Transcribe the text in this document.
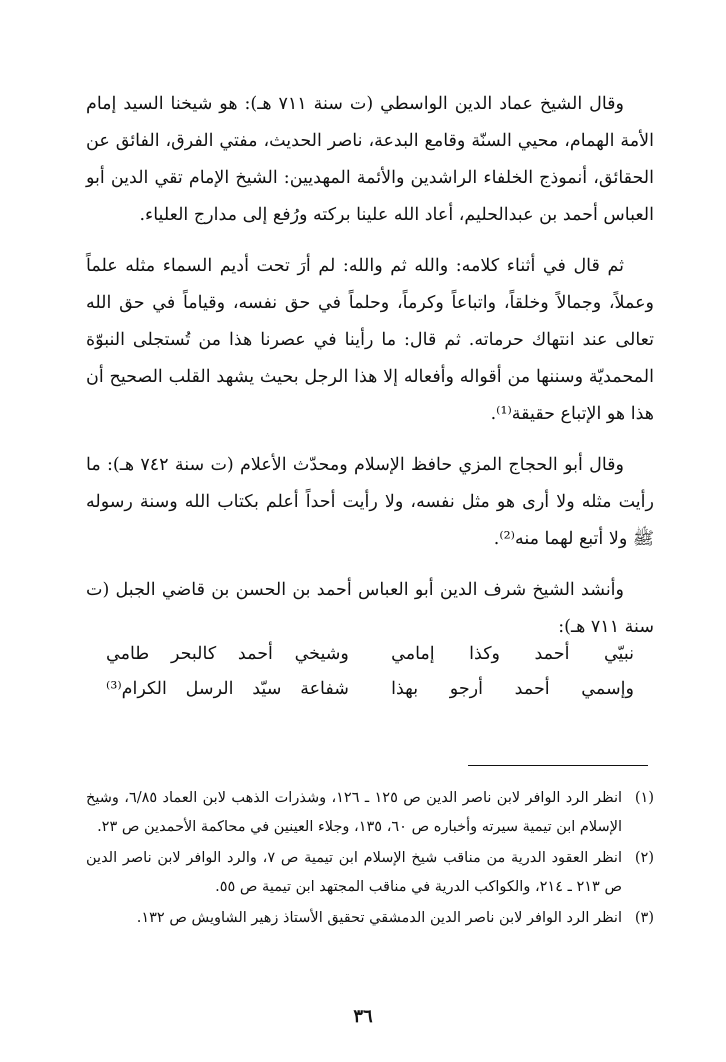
وقال الشيخ عماد الدين الواسطي (ت سنة ٧١١ هـ): هو شيخنا السيد إمام الأمة الهمام، محيي السنّة وقامع البدعة، ناصر الحديث، مفتي الفرق، الفائق عن الحقائق، أنموذج الخلفاء الراشدين والأئمة المهديين: الشيخ الإمام تقي الدين أبو العباس أحمد بن عبدالحليم، أعاد الله علينا بركته ورُفع إلى مدارج العلياء.

ثم قال في أثناء كلامه: والله ثم والله: لم أرَ تحت أديم السماء مثله علماً وعملاً، وجمالاً وخلقاً، واتباعاً وكرماً، وحلماً في حق نفسه، وقياماً في حق الله تعالى عند انتهاك حرماته. ثم قال: ما رأينا في عصرنا هذا من تُستجلى النبوّة المحمديّة وسننها من أقواله وأفعاله إلا هذا الرجل بحيث يشهد القلب الصحيح أن هذا هو الإتباع حقيقة⁽¹⁾.

وقال أبو الحجاج المزي حافظ الإسلام ومحدّث الأعلام (ت سنة ٧٤٢ هـ): ما رأيت مثله ولا أرى هو مثل نفسه، ولا رأيت أحداً أعلم بكتاب الله وسنة رسوله ﷺ ولا أتبع لهما منه⁽²⁾.

وأنشد الشيخ شرف الدين أبو العباس أحمد بن الحسن بن قاضي الجبل (ت سنة ٧١١ هـ):

نبيّي أحمد وكذا إمامي
وشيخي أحمد كالبحر طامي
وإسمي أحمد أرجو بهذا
شفاعة سيّد الرسل الكرام⁽³⁾
(١)
انظر الرد الوافر لابن ناصر الدين ص ١٢٥ ـ ١٢٦، وشذرات الذهب لابن العماد ٦/٨٥، وشيخ الإسلام ابن تيمية سيرته وأخباره ص ٦٠، ١٣٥، وجلاء العينين في محاكمة الأحمدين ص ٢٣.
(٢)
انظر العقود الدرية من مناقب شيخ الإسلام ابن تيمية ص ٧، والرد الوافر لابن ناصر الدين ص ٢١٣ ـ ٢١٤، والكواكب الدرية في مناقب المجتهد ابن تيمية ص ٥٥.
(٣)
انظر الرد الوافر لابن ناصر الدين الدمشقي تحقيق الأستاذ زهير الشاويش ص ١٣٢.
٣٦
